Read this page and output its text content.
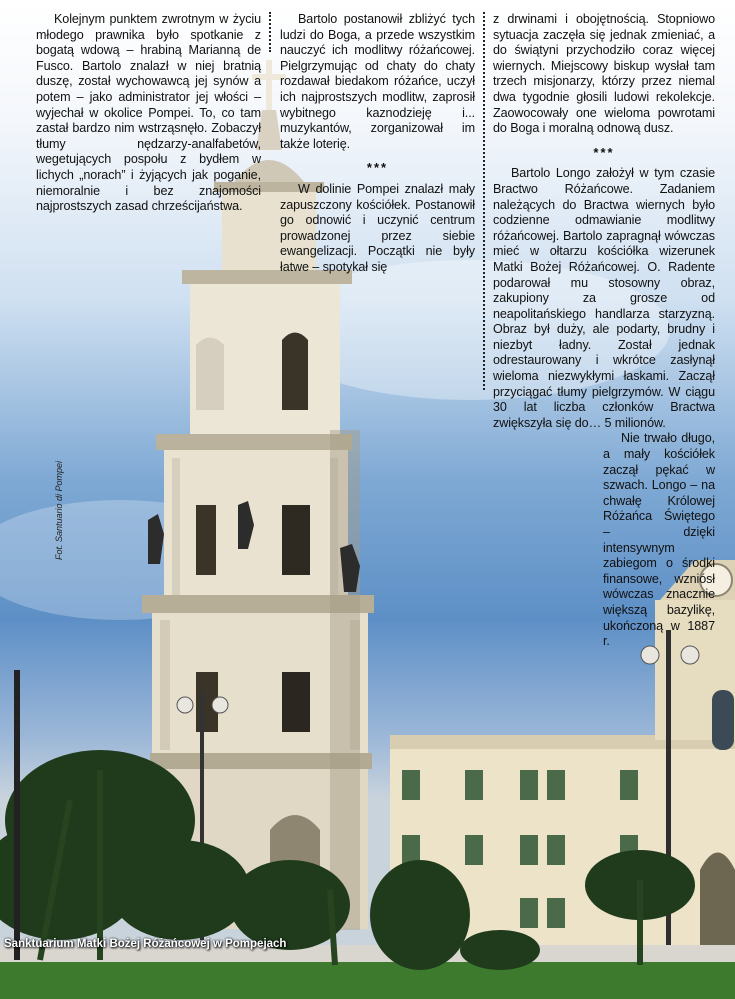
Fot. Santuario di Pompei

Kolejnym punktem zwrotnym w życiu młodego prawnika było spotkanie z bogatą wdową – hrabiną Marianną de Fusco. Bartolo znalazł w niej bratnią duszę, został wychowawcą jej synów a potem – jako administrator jej włości – wyjechał w okolice Pompei. To, co tam zastał bardzo nim wstrząsnęło. Zobaczył tłumy nędzarzy-analfabetów, wegetujących pospołu z bydłem w lichych „norach” i żyjących jak poganie, niemoralnie i bez znajomości najprostszych zasad chrześcijaństwa.

Bartolo postanowił zbliżyć tych ludzi do Boga, a przede wszystkim nauczyć ich modlitwy różańcowej. Pielgrzymując od chaty do chaty rozdawał biedakom różańce, uczył ich najprostszych modlitw, zaprosił wybitnego kaznodzieję i... muzykantów, zorganizował im także loterię.

***

W dolinie Pompei znalazł mały zapuszczony kościółek. Postanowił go odnowić i uczynić centrum prowadzonej przez siebie ewangelizacji. Początki nie były łatwe – spotykał się

z drwinami i obojętnością. Stopniowo sytuacja zaczęła się jednak zmieniać, a do świątyni przychodziło coraz więcej wiernych. Miejscowy biskup wysłał tam trzech misjonarzy, którzy przez niemal dwa tygodnie głosili ludowi rekolekcje. Zaowocowały one wieloma powrotami do Boga i moralną odnową dusz.

***

Bartolo Longo założył w tym czasie Bractwo Różańcowe. Zadaniem należących do Bractwa wiernych było codzienne odmawianie modlitwy różańcowej. Bartolo zapragnął wówczas mieć w ołtarzu kościółka wizerunek Matki Bożej Różańcowej. O. Radente podarował mu stosowny obraz, zakupiony za grosze od neapolitańskiego handlarza starzyzną. Obraz był duży, ale podarty, brudny i niezbyt ładny. Został jednak odrestaurowany i wkrótce zasłynął wieloma niezwykłymi łaskami. Zaczął przyciągać tłumy pielgrzymów. W ciągu 30 lat liczba członków Bractwa zwiększyła się do… 5 milionów.

Nie trwało długo, a mały kościółek zaczął pękać w szwach. Longo – na chwałę Królowej Różańca Świętego – dzięki intensywnym zabiegom o środki finansowe, wzniósł wówczas znacznie większą bazylikę, ukończoną w 1887 r.

Sanktuarium Matki Bożej Różańcowej w Pompejach
